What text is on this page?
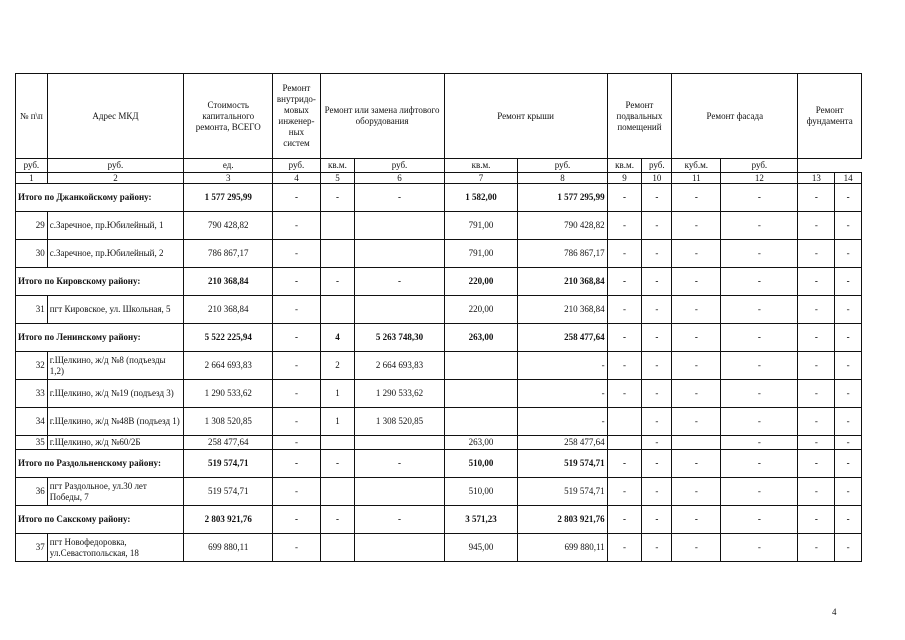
№ п\п	Адрес МКД	Стоимость капитального ремонта, ВСЕГО	Ремонт внутридо-мовых инженер-ных систем	Ремонт или замена лифтового оборудования		Ремонт крыши		Ремонт подвальных помещений		Ремонт фасада		Ремонт фундамента	
руб.	руб.	ед.	руб.	кв.м.	руб.	кв.м.	руб.	кв.м.	руб.	куб.м.	руб.		
1	2	3	4	5	6	7	8	9	10	11	12	13	14
Итого по Джанкойскому району:		1 577 295,99	-	-	-	1 582,00	1 577 295,99	-	-	-	-	-	-
29	с.Заречное, пр.Юбилейный, 1	790 428,82	-			791,00	790 428,82	-	-	-	-	-	-
30	с.Заречное, пр.Юбилейный, 2	786 867,17	-			791,00	786 867,17	-	-	-	-	-	-
Итого по Кировскому району:		210 368,84	-	-	-	220,00	210 368,84	-	-	-	-	-	-
31	пгт Кировское, ул. Школьная, 5	210 368,84	-			220,00	210 368,84	-	-	-	-	-	-
Итого по Ленинскому району:		5 522 225,94	-	4	5 263 748,30	263,00	258 477,64	-	-	-	-	-	-
32	г.Щелкино, ж/д №8 (подъезды 1,2)	2 664 693,83	-	2	2 664 693,83		-	-	-	-	-	-	-
33	г.Щелкино, ж/д №19 (подъезд 3)	1 290 533,62	-	1	1 290 533,62		-	-	-	-	-	-	-
34	г.Щелкино, ж/д №48В (подъезд 1)	1 308 520,85	-	1	1 308 520,85		-		-	-	-	-	-
35	г.Щелкино, ж/д №60/2Б	258 477,64	-			263,00	258 477,64		-		-	-	-
Итого по Раздольненскому району:		519 574,71	-	-	-	510,00	519 574,71	-	-	-	-	-	-
36	пгт Раздольное, ул.30 лет Победы, 7	519 574,71	-			510,00	519 574,71	-	-	-	-	-	-
Итого по Сакскому району:		2 803 921,76	-	-	-	3 571,23	2 803 921,76	-	-	-	-	-	-
37	пгт Новофедоровка, ул.Севастопольская, 18	699 880,11	-			945,00	699 880,11	-	-	-	-	-	-
4
